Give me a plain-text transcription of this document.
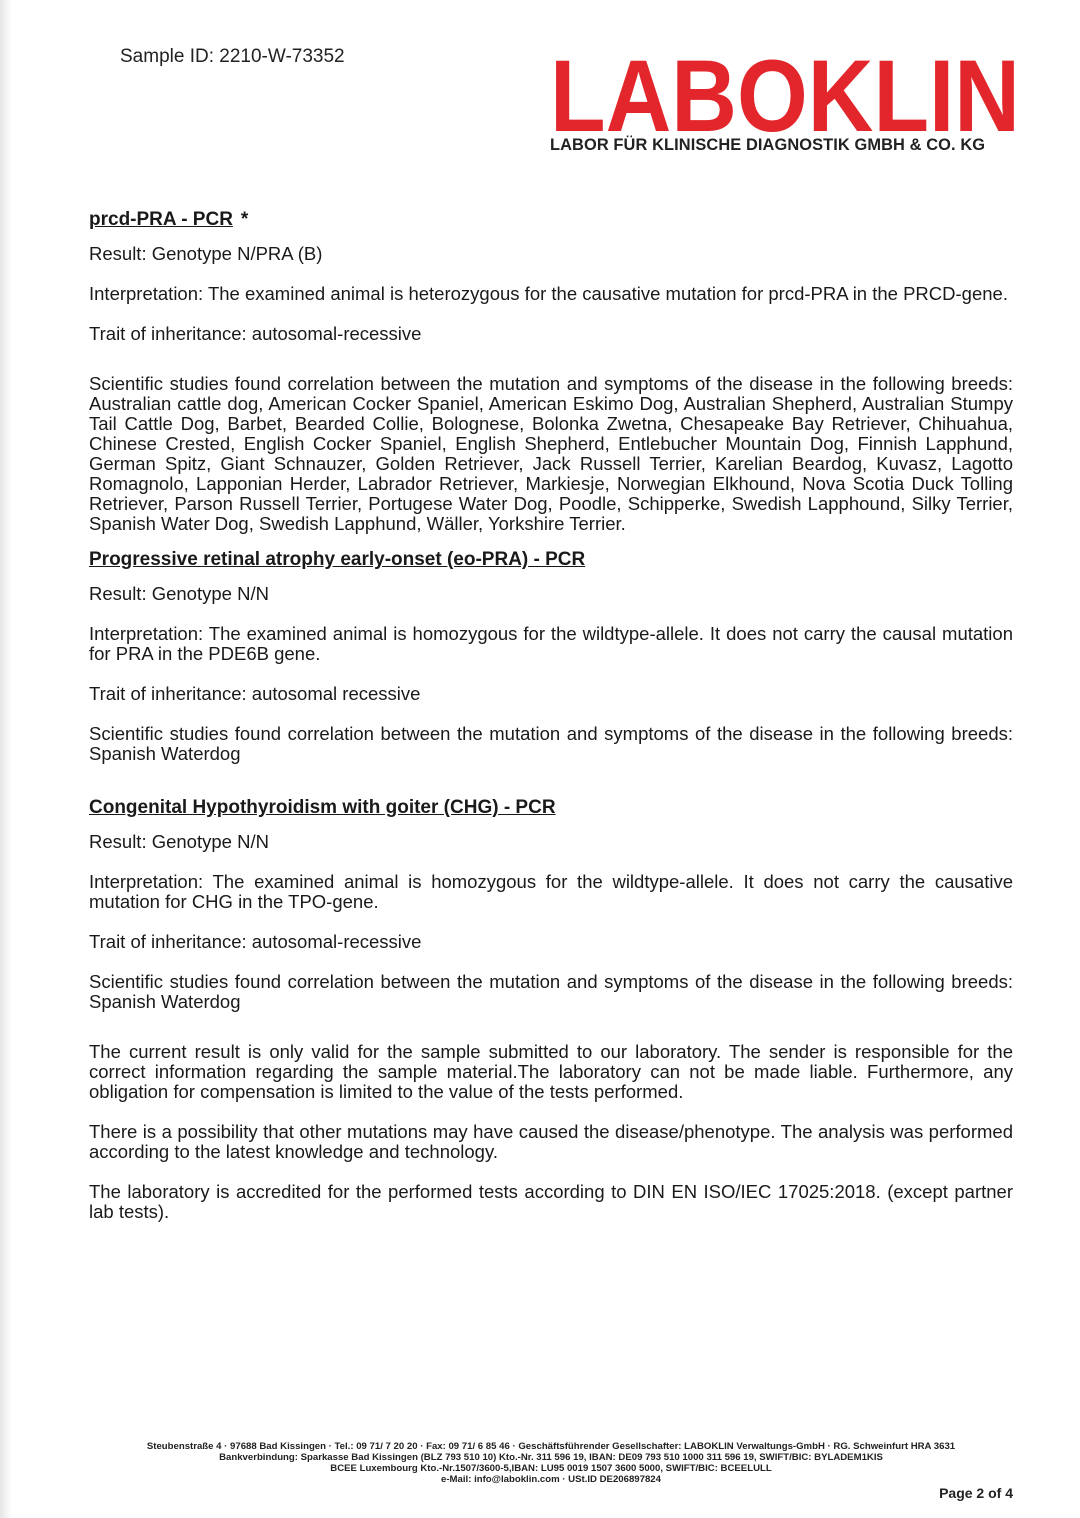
Sample ID: 2210-W-73352 LABOKLIN
LABOR FÜR KLINISCHE DIAGNOSTIK GMBH & CO. KG
prcd-PRA - PCR *

Result: Genotype N/PRA (B)

Interpretation: The examined animal is heterozygous for the causative mutation for prcd-PRA in the PRCD-gene.

Trait of inheritance: autosomal-recessive

Scientific studies found correlation between the mutation and symptoms of the disease in the following breeds: Australian cattle dog, American Cocker Spaniel, American Eskimo Dog, Australian Shepherd, Australian Stumpy Tail Cattle Dog, Barbet, Bearded Collie, Bolognese, Bolonka Zwetna, Chesapeake Bay Retriever, Chihuahua, Chinese Crested, English Cocker Spaniel, English Shepherd, Entlebucher Mountain Dog, Finnish Lapphund, German Spitz, Giant Schnauzer, Golden Retriever, Jack Russell Terrier, Karelian Beardog, Kuvasz, Lagotto Romagnolo, Lapponian Herder, Labrador Retriever, Markiesje, Norwegian Elkhound, Nova Scotia Duck Tolling Retriever, Parson Russell Terrier, Portugese Water Dog, Poodle, Schipperke, Swedish Lapphound, Silky Terrier, Spanish Water Dog, Swedish Lapphund, Wäller, Yorkshire Terrier.

Progressive retinal atrophy early-onset (eo-PRA) - PCR

Result: Genotype N/N

Interpretation: The examined animal is homozygous for the wildtype-allele. It does not carry the causal mutation for PRA in the PDE6B gene.

Trait of inheritance: autosomal recessive

Scientific studies found correlation between the mutation and symptoms of the disease in the following breeds: Spanish Waterdog

Congenital Hypothyroidism with goiter (CHG) - PCR

Result: Genotype N/N

Interpretation: The examined animal is homozygous for the wildtype-allele. It does not carry the causative mutation for CHG in the TPO-gene.

Trait of inheritance: autosomal-recessive

Scientific studies found correlation between the mutation and symptoms of the disease in the following breeds: Spanish Waterdog

The current result is only valid for the sample submitted to our laboratory. The sender is responsible for the correct information regarding the sample material.The laboratory can not be made liable. Furthermore, any obligation for compensation is limited to the value of the tests performed.

There is a possibility that other mutations may have caused the disease/phenotype. The analysis was performed according to the latest knowledge and technology.

The laboratory is accredited for the performed tests according to DIN EN ISO/IEC 17025:2018. (except partner lab tests).

Steubenstraße 4 · 97688 Bad Kissingen · Tel.: 09 71/ 7 20 20 · Fax: 09 71/ 6 85 46 · Geschäftsführender Gesellschafter: LABOKLIN Verwaltungs-GmbH · RG. Schweinfurt HRA 3631
Bankverbindung: Sparkasse Bad Kissingen (BLZ 793 510 10) Kto.-Nr. 311 596 19, IBAN: DE09 793 510 1000 311 596 19, SWIFT/BIC: BYLADEM1KIS
BCEE Luxembourg Kto.-Nr.1507/3600-5,IBAN: LU95 0019 1507 3600 5000, SWIFT/BIC: BCEELULL
e-Mail: info@laboklin.com · USt.ID DE206897824
Page 2 of 4
